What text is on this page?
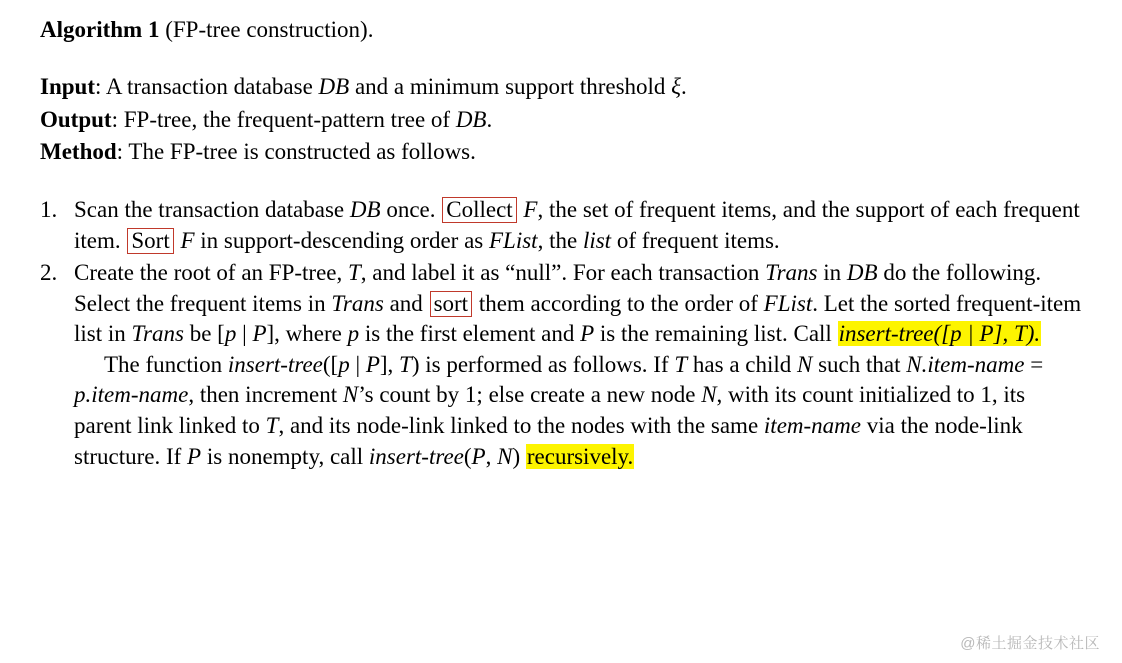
Algorithm 1 (FP-tree construction).
Input: A transaction database DB and a minimum support threshold ξ.
Output: FP-tree, the frequent-pattern tree of DB.
Method: The FP-tree is constructed as follows.
1. Scan the transaction database DB once. Collect F, the set of frequent items, and the support of each frequent item. Sort F in support-descending order as FList, the list of frequent items.

2. Create the root of an FP-tree, T, and label it as “null”. For each transaction Trans in DB do the following.

Select the frequent items in Trans and sort them according to the order of FList. Let the sorted frequent-item list in Trans be [p | P], where p is the first element and P is the remaining list. Call insert‐tree([p | P], T).

The function insert‐tree([p | P], T) is performed as follows. If T has a child N such that N.item-name = p.item-name, then increment N’s count by 1; else create a new node N, with its count initialized to 1, its parent link linked to T, and its node-link linked to the nodes with the same item-name via the node-link structure. If P is nonempty, call insert‐tree(P, N) recursively.

@稀土掘金技术社区
